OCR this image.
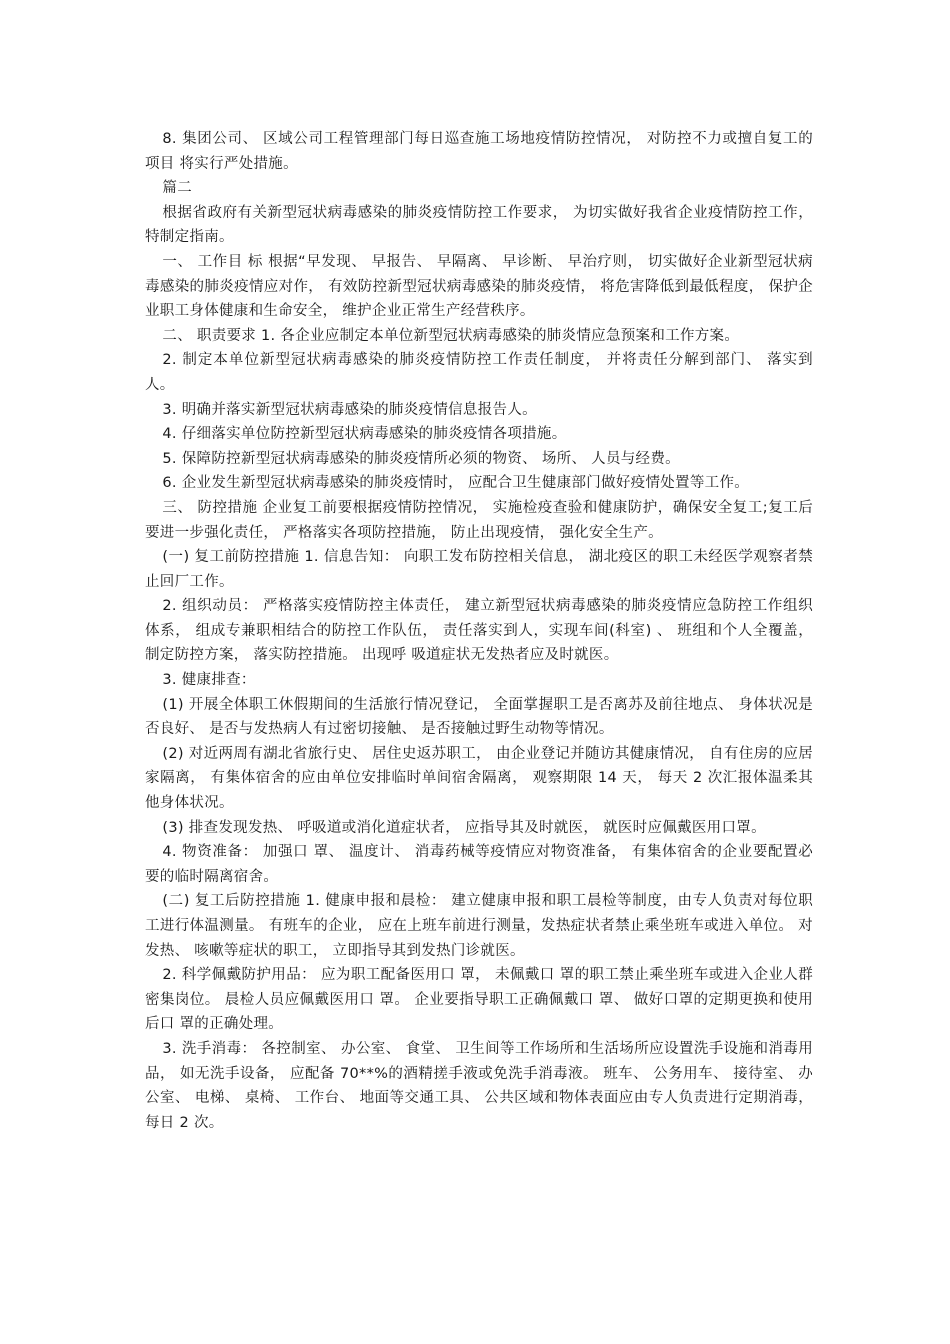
8. 集团公司、 区域公司工程管理部门每日巡查施工场地疫情防控情况， 对防控不力或擅自复工的项目 将实行严处措施。

篇二

根据省政府有关新型冠状病毒感染的肺炎疫情防控工作要求， 为切实做好我省企业疫情防控工作， 特制定指南。

一、 工作目 标 根据“早发现、 早报告、 早隔离、 早诊断、 早治疗则， 切实做好企业新型冠状病毒感染的肺炎疫情应对作， 有效防控新型冠状病毒感染的肺炎疫情， 将危害降低到最低程度， 保护企业职工身体健康和生命安全， 维护企业正常生产经营秩序。

二、 职责要求 1. 各企业应制定本单位新型冠状病毒感染的肺炎情应急预案和工作方案。

2. 制定本单位新型冠状病毒感染的肺炎疫情防控工作责任制度， 并将责任分解到部门、 落实到人。

3. 明确并落实新型冠状病毒感染的肺炎疫情信息报告人。

4. 仔细落实单位防控新型冠状病毒感染的肺炎疫情各项措施。

5. 保障防控新型冠状病毒感染的肺炎疫情所必须的物资、 场所、 人员与经费。

6. 企业发生新型冠状病毒感染的肺炎疫情时， 应配合卫生健康部门做好疫情处置等工作。

三、 防控措施 企业复工前要根据疫情防控情况， 实施检疫查验和健康防护，确保安全复工;复工后要进一步强化责任， 严格落实各项防控措施， 防止出现疫情， 强化安全生产。

(一) 复工前防控措施 1. 信息告知： 向职工发布防控相关信息， 湖北疫区的职工未经医学观察者禁止回厂工作。

2. 组织动员： 严格落实疫情防控主体责任， 建立新型冠状病毒感染的肺炎疫情应急防控工作组织体系， 组成专兼职相结合的防控工作队伍， 责任落实到人，实现车间(科室) 、 班组和个人全覆盖， 制定防控方案， 落实防控措施。 出现呼 吸道症状无发热者应及时就医。

3. 健康排查：

(1) 开展全体职工休假期间的生活旅行情况登记， 全面掌握职工是否离苏及前往地点、 身体状况是否良好、 是否与发热病人有过密切接触、 是否接触过野生动物等情况。

(2) 对近两周有湖北省旅行史、 居住史返苏职工， 由企业登记并随访其健康情况， 自有住房的应居家隔离， 有集体宿舍的应由单位安排临时单间宿舍隔离， 观察期限 14 天， 每天 2 次汇报体温柔其他身体状况。

(3) 排查发现发热、 呼吸道或消化道症状者， 应指导其及时就医， 就医时应佩戴医用口罩。

4. 物资准备： 加强口 罩、 温度计、 消毒药械等疫情应对物资准备， 有集体宿舍的企业要配置必要的临时隔离宿舍。

(二) 复工后防控措施 1. 健康申报和晨检： 建立健康申报和职工晨检等制度，由专人负责对每位职工进行体温测量。 有班车的企业， 应在上班车前进行测量，发热症状者禁止乘坐班车或进入单位。 对发热、 咳嗽等症状的职工， 立即指导其到发热门诊就医。

2. 科学佩戴防护用品： 应为职工配备医用口 罩， 未佩戴口 罩的职工禁止乘坐班车或进入企业人群密集岗位。 晨检人员应佩戴医用口 罩。 企业要指导职工正确佩戴口 罩、 做好口罩的定期更换和使用后口 罩的正确处理。

3. 洗手消毒： 各控制室、 办公室、 食堂、 卫生间等工作场所和生活场所应设置洗手设施和消毒用品， 如无洗手设备， 应配备 70**%的酒精搓手液或免洗手消毒液。 班车、 公务用车、 接待室、 办公室、 电梯、 桌椅、 工作台、 地面等交通工具、 公共区域和物体表面应由专人负责进行定期消毒， 每日 2 次。
